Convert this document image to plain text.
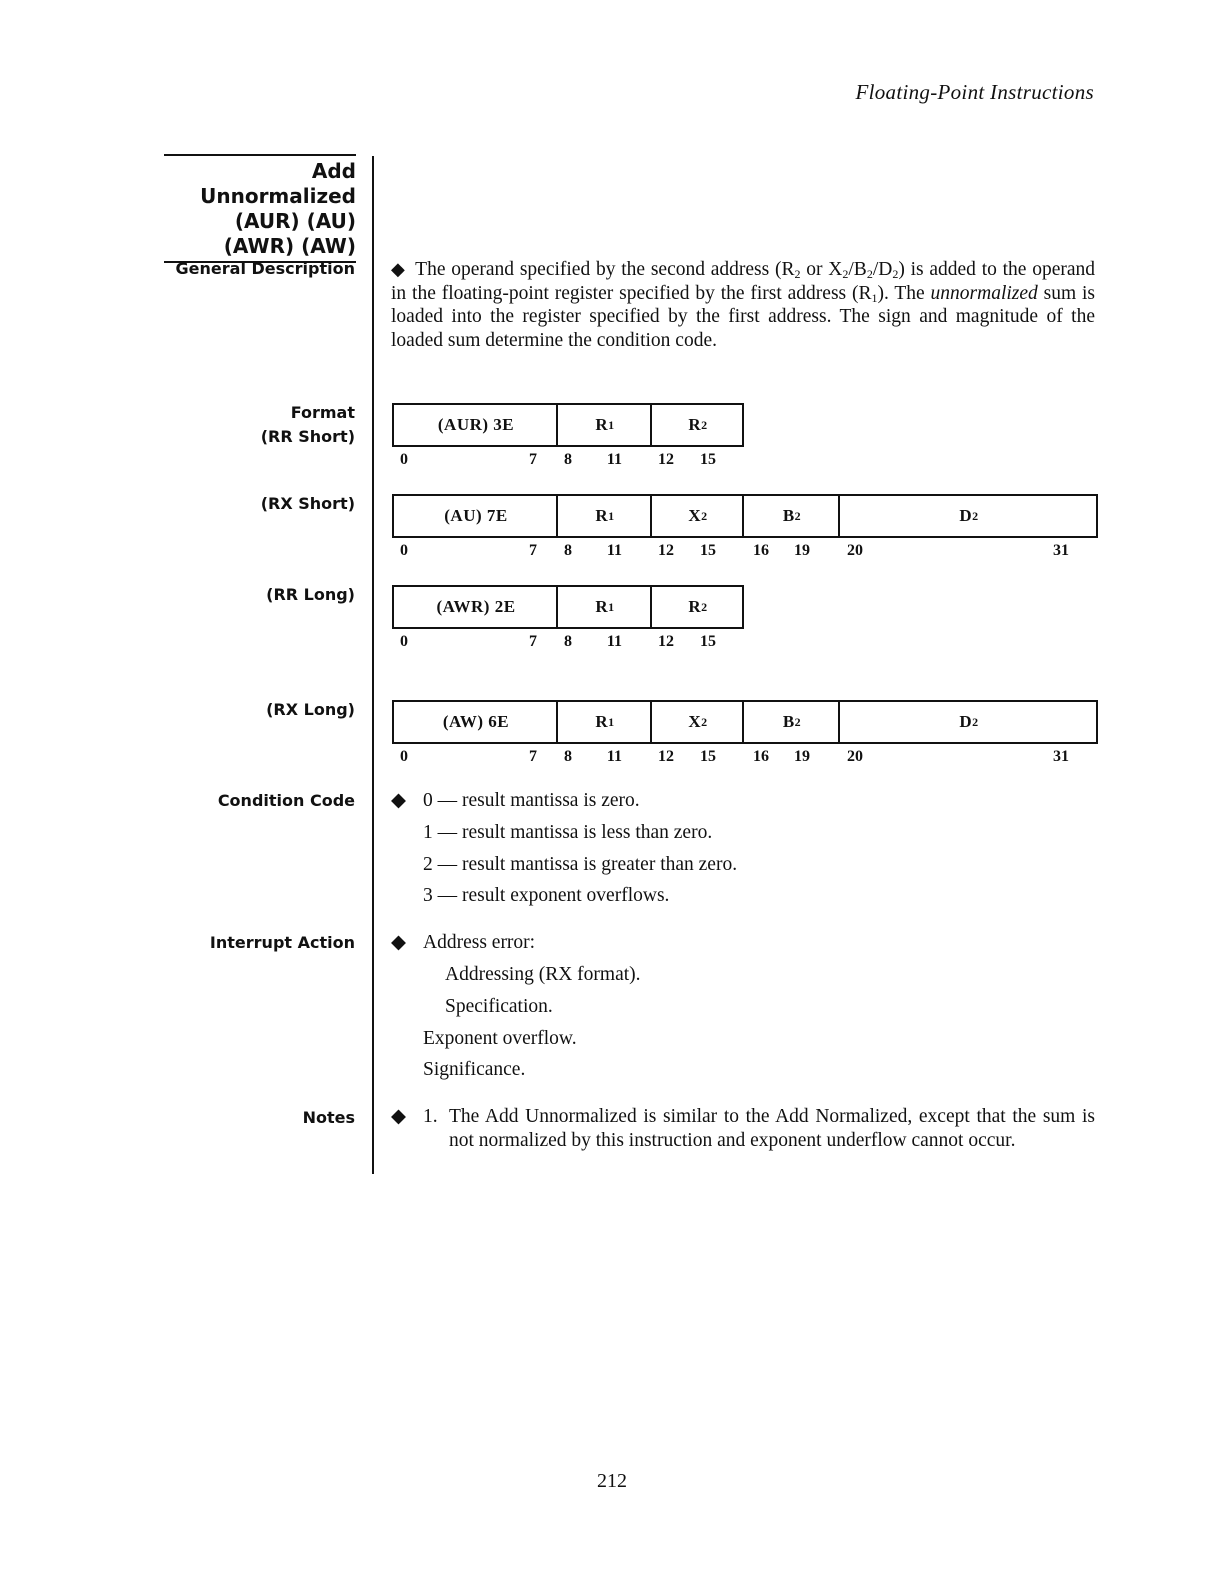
Floating-Point Instructions
Add Unnormalized
(AUR) (AU)
(AWR) (AW)
General Description
Format
(RR Short)
(RX Short)
(RR Long)
(RX Long)
Condition Code
Interrupt Action
Notes
◆ The operand specified by the second address ($R_2$ or $X_2/B_2/D_2$) is added to the operand in the floating-point register specified by the first address $(R_1)$. The unnormalized sum is loaded into the register specified by the first address. The sign and magnitude of the loaded sum determine the condition code.
(AUR) 3E	R 1	R 2
0	7 8 11 12 15
(AU) 7E	R 1	X 2	B 2	D 2
0	7 8 11 12 15 16 19 20	31
(AWR) 2E	R 1	R 2
0	7 8 11 12 15
(AW) 6E	R 1	X 2	B 2	D 2
0	7 8 11 12 15 16 19 20	31
◆ 0 — result mantissa is zero.
1 — result mantissa is less than zero.
2 — result mantissa is greater than zero.
3 — result exponent overflows.
◆ Address error:
Addressing (RX format).
Specification.
Exponent overflow.
Significance.
◆ 1. The Add Unnormalized is similar to the Add Normalized, except that the sum is not normalized by this instruction and exponent underflow cannot occur.
212
